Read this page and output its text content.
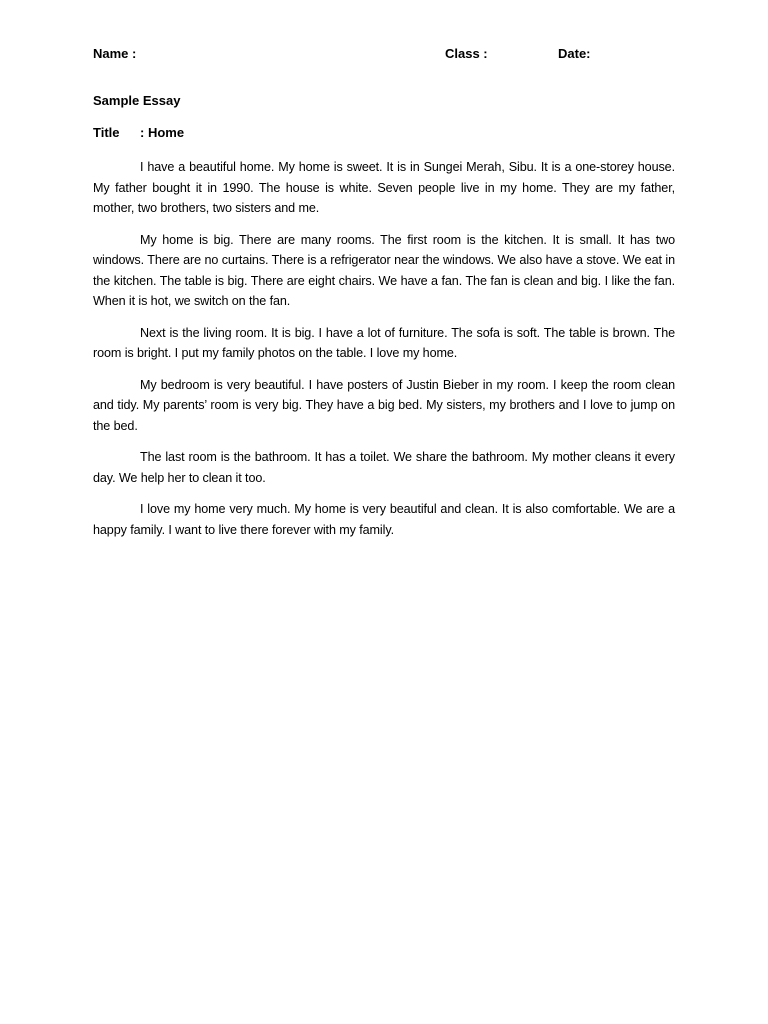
Name :	Class :	Date:
Sample Essay
Title : Home

I have a beautiful home. My home is sweet. It is in Sungei Merah, Sibu. It is a one-storey house. My father bought it in 1990. The house is white. Seven people live in my home. They are my father, mother, two brothers, two sisters and me.

My home is big. There are many rooms. The first room is the kitchen. It is small. It has two windows. There are no curtains. There is a refrigerator near the windows. We also have a stove. We eat in the kitchen. The table is big. There are eight chairs. We have a fan. The fan is clean and big. I like the fan. When it is hot, we switch on the fan.

Next is the living room. It is big. I have a lot of furniture. The sofa is soft. The table is brown. The room is bright. I put my family photos on the table. I love my home.

My bedroom is very beautiful. I have posters of Justin Bieber in my room. I keep the room clean and tidy. My parents’ room is very big. They have a big bed. My sisters, my brothers and I love to jump on the bed.

The last room is the bathroom. It has a toilet. We share the bathroom. My mother cleans it every day. We help her to clean it too.

I love my home very much. My home is very beautiful and clean. It is also comfortable. We are a happy family. I want to live there forever with my family.
